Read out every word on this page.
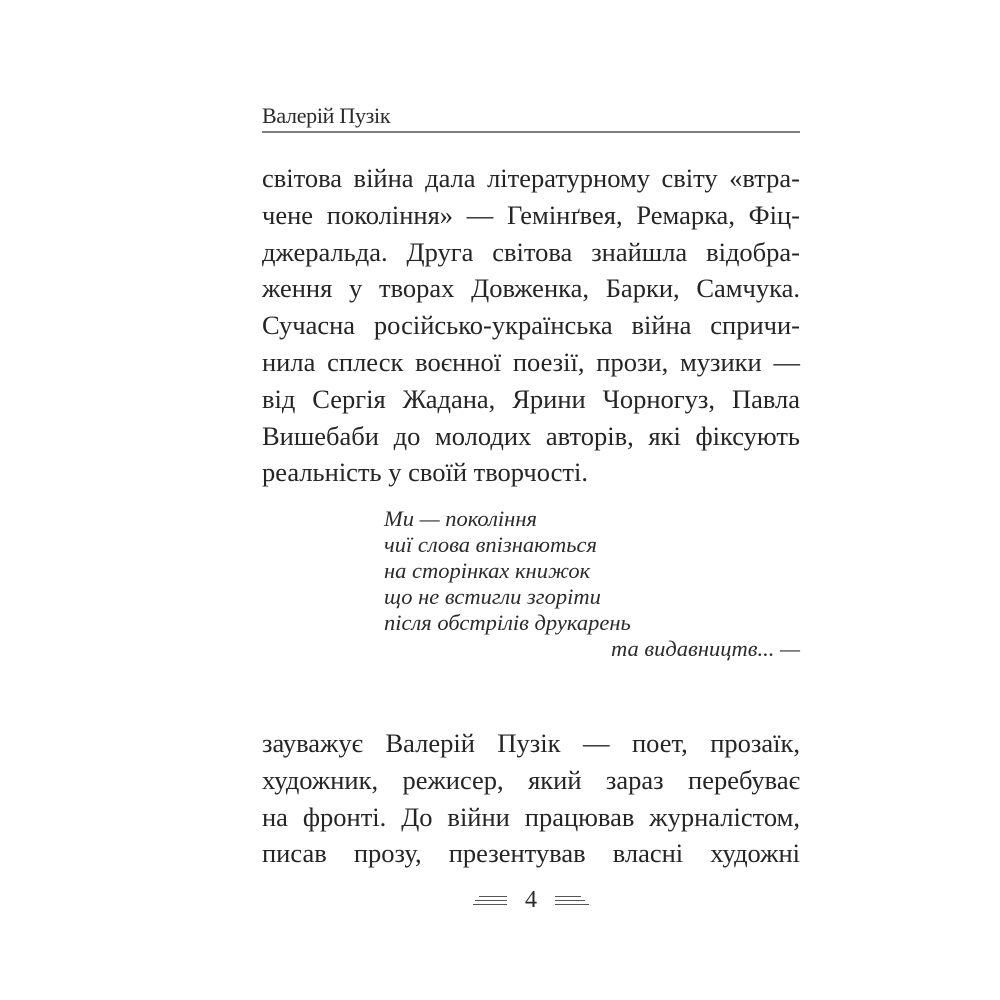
Валерій Пузік
світова війна дала літературному світу «втра-
чене покоління» — Гемінґвея, Ремарка, Фіц-
джеральда. Друга світова знайшла відобра-
ження у творах Довженка, Барки, Самчука.
Сучасна російсько-українська війна спричи-
нила сплеск воєнної поезії, прози, музики —
від Сергія Жадана, Ярини Чорногуз, Павла
Вишебаби до молодих авторів, які фіксують
реальність у своїй творчості.
Ми — покоління
чиї слова впізнаються
на сторінках книжок
що не встигли згоріти
після обстрілів друкарень
та видавництв... —
зауважує Валерій Пузік — поет, прозаїк,
художник, режисер, який зараз перебуває
на фронті. До війни працював журналістом,
писав прозу, презентував власні художні
4
